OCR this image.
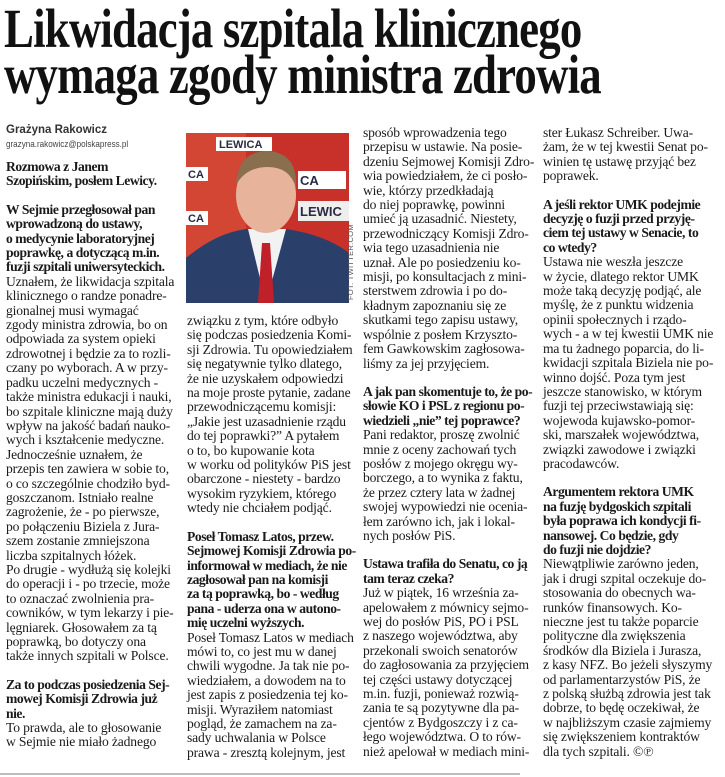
Likwidacja szpitala klinicznego
wymaga zgody ministra zdrowia

Grażyna Rakowicz

grazyna.rakowicz@polskapress.pl

Rozmowa z Janem
Szopińskim, posłem Lewicy.

W Sejmie przegłosował pan
wprowadzoną do ustawy,
o medycynie laboratoryjnej
poprawkę, a dotyczącą m.in.
fuzji szpitali uniwersyteckich.

Uznałem, że likwidacja szpitala
klinicznego o randze ponadre-
gionalnej musi wymagać
zgody ministra zdrowia, bo on
odpowiada za system opieki
zdrowotnej i będzie za to rozli-
czany po wyborach. A w przy-
padku uczelni medycznych -
także ministra edukacji i nauki,
bo szpitale kliniczne mają duży
wpływ na jakość badań nauko-
wych i kształcenie medyczne.
Jednocześnie uznałem, że
przepis ten zawiera w sobie to,
o co szczególnie chodziło byd-
goszczanom. Istniało realne
zagrożenie, że - po pierwsze,
po połączeniu Biziela z Jura-
szem zostanie zmniejszona
liczba szpitalnych łóżek.
Po drugie - wydłużą się kolejki
do operacji i - po trzecie, może
to oznaczać zwolnienia pra-
cowników, w tym lekarzy i pie-
lęgniarek. Głosowałem za tą
poprawką, bo dotyczy ona
także innych szpitali w Polsce.

Za to podczas posiedzenia Sej-
mowej Komisji Zdrowia już
nie.

To prawda, ale to głosowanie
w Sejmie nie miało żadnego

LEWICA
CA	CA
CA	LEWIC
FOT. TWITTER.COM

związku z tym, które odbyło
się podczas posiedzenia Komi-
sji Zdrowia. Tu opowiedziałem
się negatywnie tylko dlatego,
że nie uzyskałem odpowiedzi
na moje proste pytanie, zadane
przewodniczącemu komisji:
„Jakie jest uzasadnienie rządu
do tej poprawki?” A pytałem
o to, bo kupowanie kota
w worku od polityków PiS jest
obarczone - niestety - bardzo
wysokim ryzykiem, którego
wtedy nie chciałem podjąć.

Poseł Tomasz Latos, przew.
Sejmowej Komisji Zdrowia po-
informował w mediach, że nie
zagłosował pan na komisji
za tą poprawką, bo - według
pana - uderza ona w autono-
mię uczelni wyższych.

Poseł Tomasz Latos w mediach
mówi to, co jest mu w danej
chwili wygodne. Ja tak nie po-
wiedziałem, a dowodem na to
jest zapis z posiedzenia tej ko-
misji. Wyraziłem natomiast
pogląd, że zamachem na za-
sady uchwalania w Polsce
prawa - zresztą kolejnym, jest

sposób wprowadzenia tego
przepisu w ustawie. Na posie-
dzeniu Sejmowej Komisji Zdro-
wia powiedziałem, że ci posło-
wie, którzy przedkładają
do niej poprawkę, powinni
umieć ją uzasadnić. Niestety,
przewodniczący Komisji Zdro-
wia tego uzasadnienia nie
uznał. Ale po posiedzeniu ko-
misji, po konsultacjach z mini-
sterstwem zdrowia i po do-
kładnym zapoznaniu się ze
skutkami tego zapisu ustawy,
wspólnie z posłem Krzyszto-
fem Gawkowskim zagłosowa-
liśmy za jej przyjęciem.

A jak pan skomentuje to, że po-
słowie KO i PSL z regionu po-
wiedzieli „nie” tej poprawce?

Pani redaktor, proszę zwolnić
mnie z oceny zachowań tych
posłów z mojego okręgu wy-
borczego, a to wynika z faktu,
że przez cztery lata w żadnej
swojej wypowiedzi nie ocenia-
łem zarówno ich, jak i lokal-
nych posłów PiS.

Ustawa trafiła do Senatu, co ją
tam teraz czeka?

Już w piątek, 16 września za-
apelowałem z mównicy sejmo-
wej do posłów PiS, PO i PSL
z naszego województwa, aby
przekonali swoich senatorów
do zagłosowania za przyjęciem
tej części ustawy dotyczącej
m.in. fuzji, ponieważ rozwią-
zania te są pozytywne dla pa-
cjentów z Bydgoszczy i z ca-
łego województwa. O to rów-
nież apelował w mediach mini-

ster Łukasz Schreiber. Uwa-
żam, że w tej kwestii Senat po-
winien tę ustawę przyjąć bez
poprawek.

A jeśli rektor UMK podejmie
decyzję o fuzji przed przyję-
ciem tej ustawy w Senacie, to
co wtedy?

Ustawa nie weszła jeszcze
w życie, dlatego rektor UMK
może taką decyzję podjąć, ale
myślę, że z punktu widzenia
opinii społecznych i rządo-
wych - a w tej kwestii UMK nie
ma tu żadnego poparcia, do li-
kwidacji szpitala Biziela nie po-
winno dojść. Poza tym jest
jeszcze stanowisko, w którym
fuzji tej przeciwstawiają się:
wojewoda kujawsko-pomor-
ski, marszałek województwa,
związki zawodowe i związki
pracodawców.

Argumentem rektora UMK
na fuzję bydgoskich szpitali
była poprawa ich kondycji fi-
nansowej. Co będzie, gdy
do fuzji nie dojdzie?

Niewątpliwie zarówno jeden,
jak i drugi szpital oczekuje do-
stosowania do obecnych wa-
runków finansowych. Ko-
nieczne jest tu także poparcie
polityczne dla zwiększenia
środków dla Biziela i Jurasza,
z kasy NFZ. Bo jeżeli słyszymy
od parlamentarzystów PiS, że
z polską służbą zdrowia jest tak
dobrze, to będę oczekiwał, że
w najbliższym czasie zajmiemy
się zwiększeniem kontraktów
dla tych szpitali. ©℗
